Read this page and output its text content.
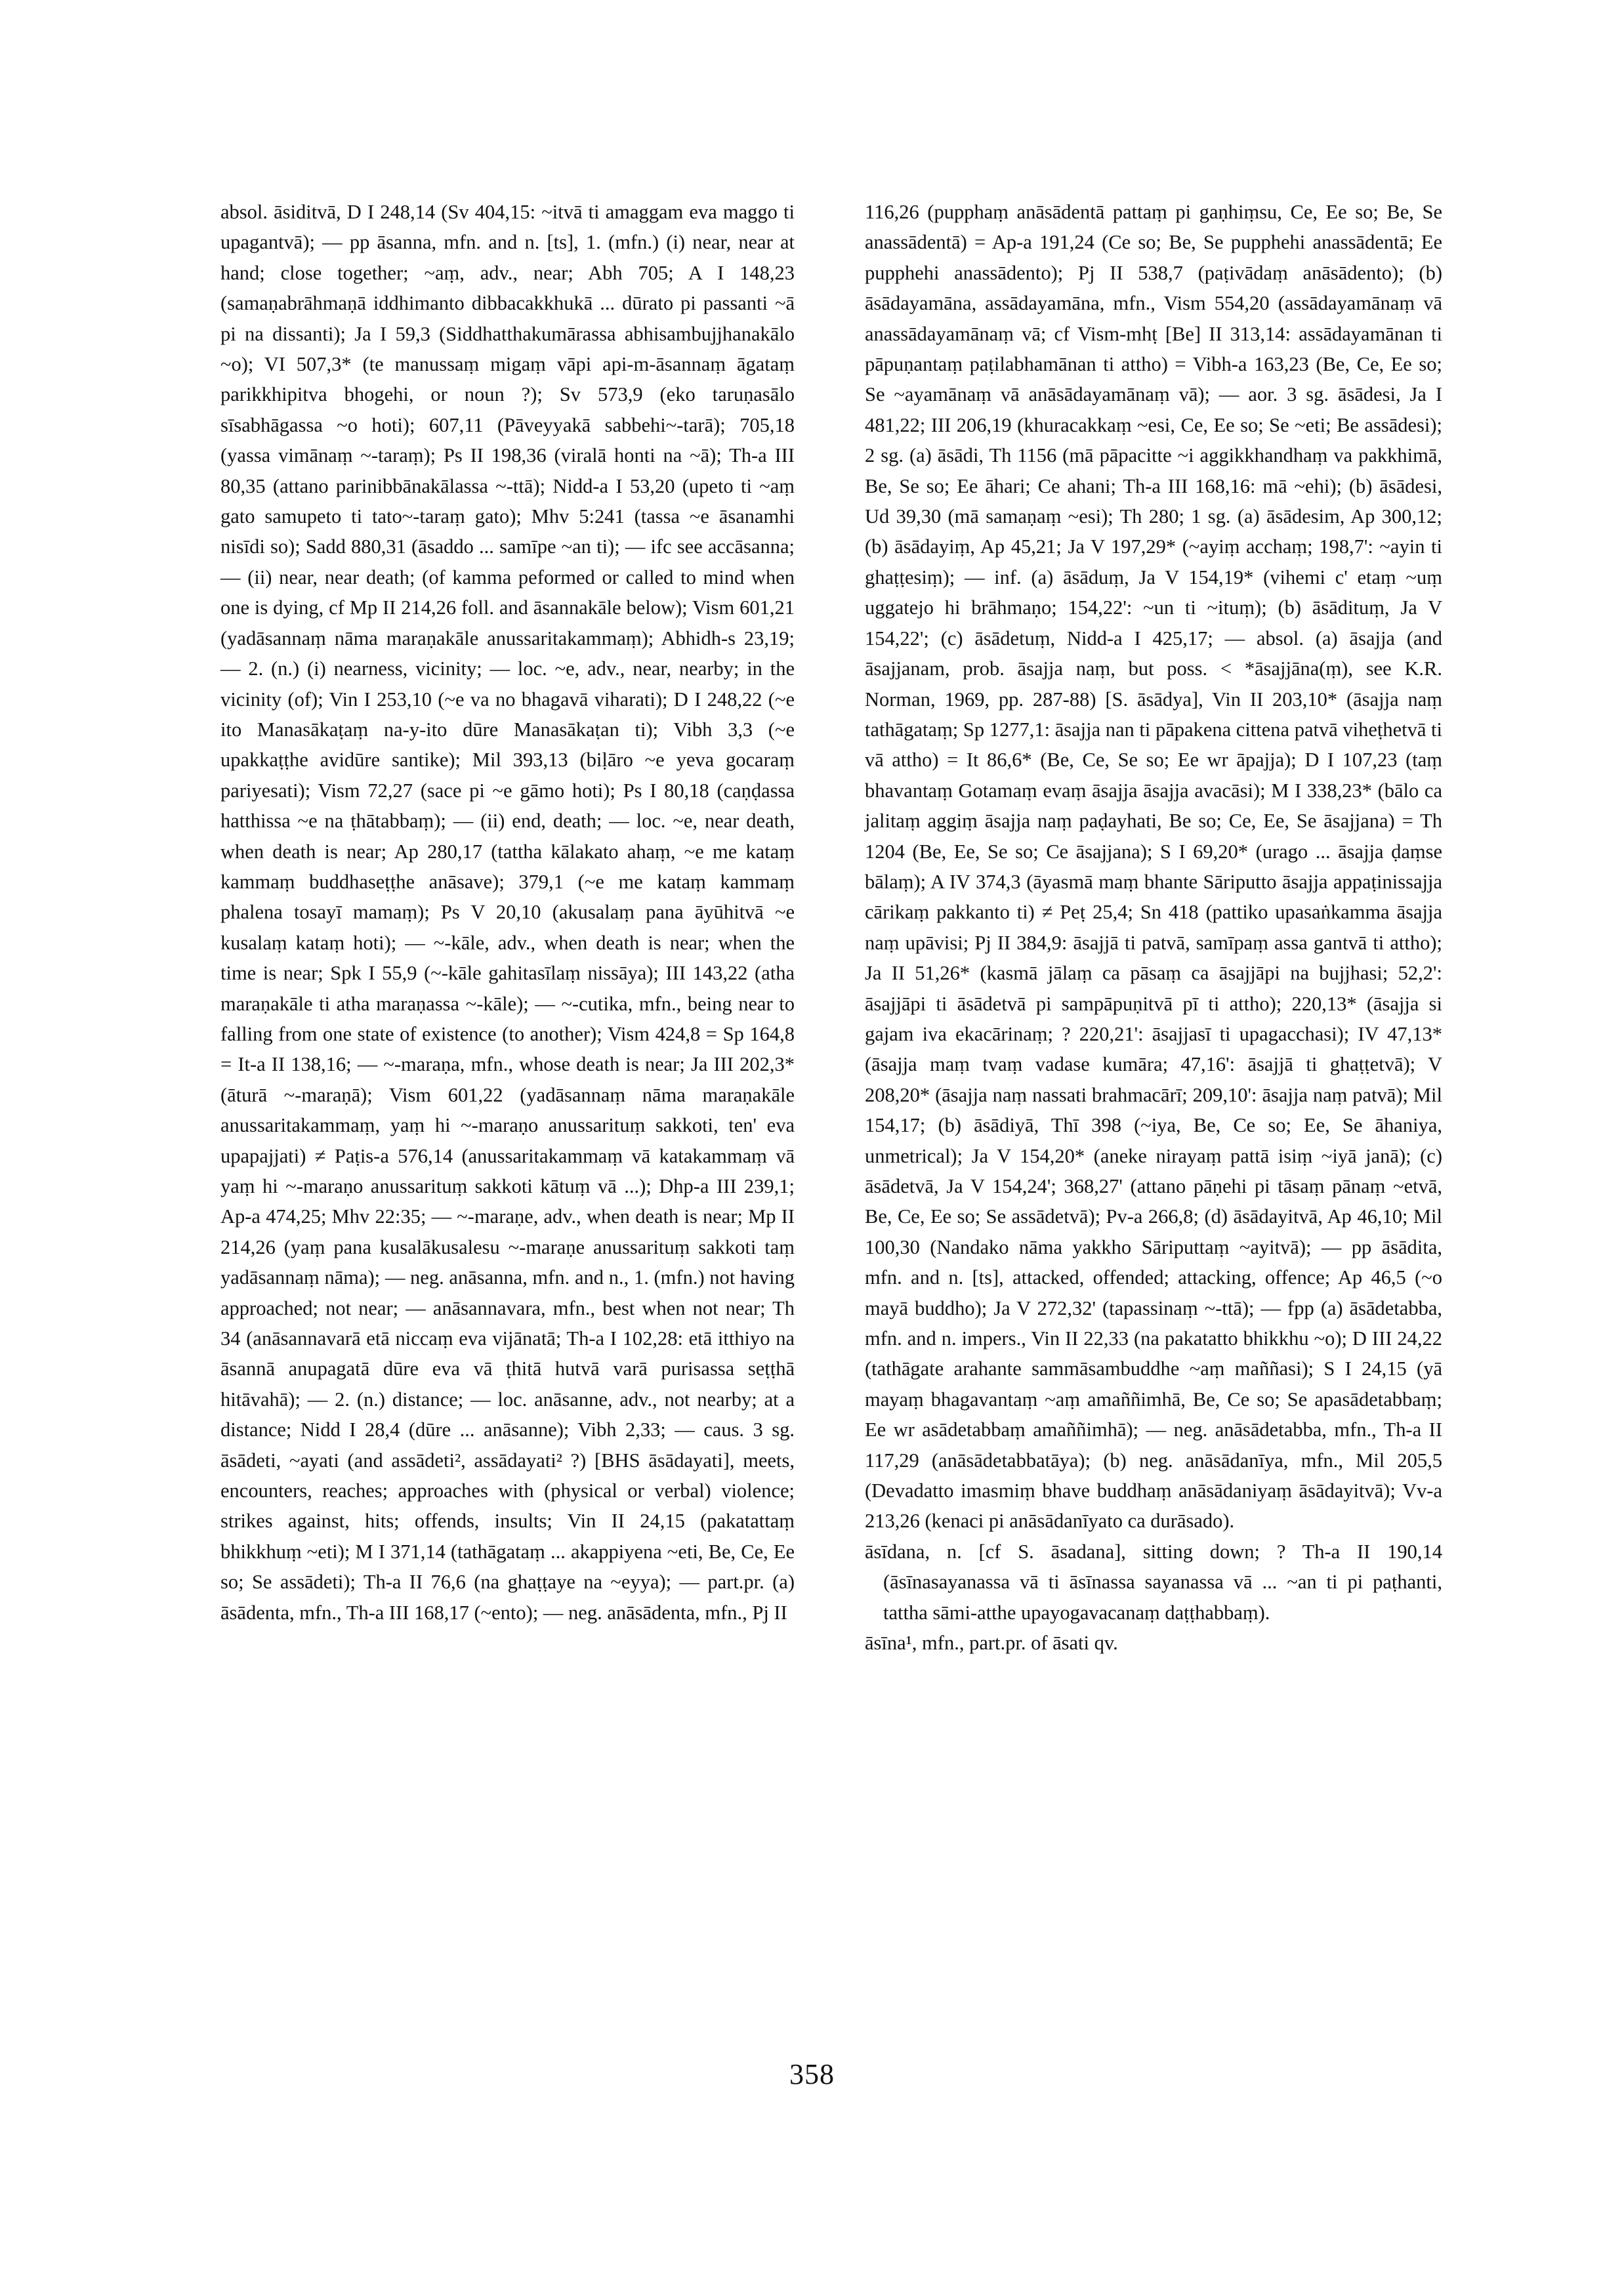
absol. āsiditvā, D I 248,14 (Sv 404,15: ~itvā ti amaggam eva maggo ti upagantvā); — pp āsanna, mfn. and n. [ts], 1. (mfn.) (i) near, near at hand; close together; ~aṃ, adv., near; Abh 705; A I 148,23 (samaṇabrāhmaṇā iddhimanto dibbacakkhukā ... dūrato pi passanti ~ā pi na dissanti); Ja I 59,3 (Siddhatthakumārassa abhisambujjhanakālo ~o); VI 507,3* (te manussaṃ migaṃ vāpi api-m-āsannaṃ āgataṃ parikkhipitva bhogehi, or noun ?); Sv 573,9 (eko taruṇasālo sīsabhāgassa ~o hoti); 607,11 (Pāveyyakā sabbehi~-tarā); 705,18 (yassa vimānaṃ ~-taraṃ); Ps II 198,36 (viralā honti na ~ā); Th-a III 80,35 (attano parinibbānakālassa ~-ttā); Nidd-a I 53,20 (upeto ti ~aṃ gato samupeto ti tato~-taraṃ gato); Mhv 5:241 (tassa ~e āsanamhi nisīdi so); Sadd 880,31 (āsaddo ... samīpe ~an ti); — ifc see accāsanna; — (ii) near, near death; (of kamma peformed or called to mind when one is dying, cf Mp II 214,26 foll. and āsannakāle below); Vism 601,21 (yadāsannaṃ nāma maraṇakāle anussaritakammaṃ); Abhidh-s 23,19; — 2. (n.) (i) nearness, vicinity; — loc. ~e, adv., near, nearby; in the vicinity (of); Vin I 253,10 (~e va no bhagavā viharati); D I 248,22 (~e ito Manasākaṭaṃ na-y-ito dūre Manasākaṭan ti); Vibh 3,3 (~e upakkaṭṭhe avidūre santike); Mil 393,13 (biḷāro ~e yeva gocaraṃ pariyesati); Vism 72,27 (sace pi ~e gāmo hoti); Ps I 80,18 (caṇḍassa hatthissa ~e na ṭhātabbaṃ); — (ii) end, death; — loc. ~e, near death, when death is near; Ap 280,17 (tattha kālakato ahaṃ, ~e me kataṃ kammaṃ buddhaseṭṭhe anāsave); 379,1 (~e me kataṃ kammaṃ phalena tosayī mamaṃ); Ps V 20,10 (akusalaṃ pana āyūhitvā ~e kusalaṃ kataṃ hoti); — ~-kāle, adv., when death is near; when the time is near; Spk I 55,9 (~-kāle gahitasīlaṃ nissāya); III 143,22 (atha maraṇakāle ti atha maraṇassa ~-kāle); — ~-cutika, mfn., being near to falling from one state of existence (to another); Vism 424,8 = Sp 164,8 = It-a II 138,16; — ~-maraṇa, mfn., whose death is near; Ja III 202,3* (āturā ~-maraṇā); Vism 601,22 (yadāsannaṃ nāma maraṇakāle anussaritakammaṃ, yaṃ hi ~-maraṇo anussarituṃ sakkoti, ten' eva upapajjati) ≠ Paṭis-a 576,14 (anussaritakammaṃ vā katakammaṃ vā yaṃ hi ~-maraṇo anussarituṃ sakkoti kātuṃ vā ...); Dhp-a III 239,1; Ap-a 474,25; Mhv 22:35; — ~-maraṇe, adv., when death is near; Mp II 214,26 (yaṃ pana kusalākusalesu ~-maraṇe anussarituṃ sakkoti taṃ yadāsannaṃ nāma); — neg. anāsanna, mfn. and n., 1. (mfn.) not having approached; not near; — anāsannavara, mfn., best when not near; Th 34 (anāsannavarā etā niccaṃ eva vijānatā; Th-a I 102,28: etā itthiyo na āsannā anupagatā dūre eva vā ṭhitā hutvā varā purisassa seṭṭhā hitāvahā); — 2. (n.) distance; — loc. anāsanne, adv., not nearby; at a distance; Nidd I 28,4 (dūre ... anāsanne); Vibh 2,33; — caus. 3 sg. āsādeti, ~ayati (and assādeti², assādayati² ?) [BHS āsādayati], meets, encounters, reaches; approaches with (physical or verbal) violence; strikes against, hits; offends, insults; Vin II 24,15 (pakatattaṃ bhikkhuṃ ~eti); M I 371,14 (tathāgataṃ ... akappiyena ~eti, Be, Ce, Ee so; Se assādeti); Th-a II 76,6 (na ghaṭṭaye na ~eyya); — part.pr. (a) āsādenta, mfn., Th-a III 168,17 (~ento); — neg. anāsādenta, mfn., Pj II

116,26 (pupphaṃ anāsādentā pattaṃ pi gaṇhiṃsu, Ce, Ee so; Be, Se anassādentā) = Ap-a 191,24 (Ce so; Be, Se pupphehi anassādentā; Ee pupphehi anassādento); Pj II 538,7 (paṭivādaṃ anāsādento); (b) āsādayamāna, assādayamāna, mfn., Vism 554,20 (assādayamānaṃ vā anassādayamānaṃ vā; cf Vism-mhṭ [Be] II 313,14: assādayamānan ti pāpuṇantaṃ paṭilabhamānan ti attho) = Vibh-a 163,23 (Be, Ce, Ee so; Se ~ayamānaṃ vā anāsādayamānaṃ vā); — aor. 3 sg. āsādesi, Ja I 481,22; III 206,19 (khuracakkaṃ ~esi, Ce, Ee so; Se ~eti; Be assādesi); 2 sg. (a) āsādi, Th 1156 (mā pāpacitte ~i aggikkhandhaṃ va pakkhimā, Be, Se so; Ee āhari; Ce ahani; Th-a III 168,16: mā ~ehi); (b) āsādesi, Ud 39,30 (mā samaṇaṃ ~esi); Th 280; 1 sg. (a) āsādesim, Ap 300,12; (b) āsādayiṃ, Ap 45,21; Ja V 197,29* (~ayiṃ acchaṃ; 198,7': ~ayin ti ghaṭṭesiṃ); — inf. (a) āsāduṃ, Ja V 154,19* (vihemi c' etaṃ ~uṃ uggatejo hi brāhmaṇo; 154,22': ~un ti ~ituṃ); (b) āsādituṃ, Ja V 154,22'; (c) āsādetuṃ, Nidd-a I 425,17; — absol. (a) āsajja (and āsajjanam, prob. āsajja naṃ, but poss. < *āsajjāna(ṃ), see K.R. Norman, 1969, pp. 287-88) [S. āsādya], Vin II 203,10* (āsajja naṃ tathāgataṃ; Sp 1277,1: āsajja nan ti pāpakena cittena patvā viheṭhetvā ti vā attho) = It 86,6* (Be, Ce, Se so; Ee wr āpajja); D I 107,23 (taṃ bhavantaṃ Gotamaṃ evaṃ āsajja āsajja avacāsi); M I 338,23* (bālo ca jalitaṃ aggiṃ āsajja naṃ paḍayhati, Be so; Ce, Ee, Se āsajjana) = Th 1204 (Be, Ee, Se so; Ce āsajjana); S I 69,20* (urago ... āsajja ḍaṃse bālaṃ); A IV 374,3 (āyasmā maṃ bhante Sāriputto āsajja appaṭinissajja cārikaṃ pakkanto ti) ≠ Peṭ 25,4; Sn 418 (pattiko upasaṅkamma āsajja naṃ upāvisi; Pj II 384,9: āsajjā ti patvā, samīpaṃ assa gantvā ti attho); Ja II 51,26* (kasmā jālaṃ ca pāsaṃ ca āsajjāpi na bujjhasi; 52,2': āsajjāpi ti āsādetvā pi sampāpuṇitvā pī ti attho); 220,13* (āsajja si gajam iva ekacārinaṃ; ? 220,21': āsajjasī ti upagacchasi); IV 47,13* (āsajja maṃ tvaṃ vadase kumāra; 47,16': āsajjā ti ghaṭṭetvā); V 208,20* (āsajja naṃ nassati brahmacārī; 209,10': āsajja naṃ patvā); Mil 154,17; (b) āsādiyā, Thī 398 (~iya, Be, Ce so; Ee, Se āhaniya, unmetrical); Ja V 154,20* (aneke nirayaṃ pattā isiṃ ~iyā janā); (c) āsādetvā, Ja V 154,24'; 368,27' (attano pāṇehi pi tāsaṃ pānaṃ ~etvā, Be, Ce, Ee so; Se assādetvā); Pv-a 266,8; (d) āsādayitvā, Ap 46,10; Mil 100,30 (Nandako nāma yakkho Sāriputtaṃ ~ayitvā); — pp āsādita, mfn. and n. [ts], attacked, offended; attacking, offence; Ap 46,5 (~o mayā buddho); Ja V 272,32' (tapassinaṃ ~-ttā); — fpp (a) āsādetabba, mfn. and n. impers., Vin II 22,33 (na pakatatto bhikkhu ~o); D III 24,22 (tathāgate arahante sammāsambuddhe ~aṃ maññasi); S I 24,15 (yā mayaṃ bhagavantaṃ ~aṃ amaññimhā, Be, Ce so; Se apasādetabbaṃ; Ee wr asādetabbaṃ amaññimhā); — neg. anāsādetabba, mfn., Th-a II 117,29 (anāsādetabbatāya); (b) neg. anāsādanīya, mfn., Mil 205,5 (Devadatto imasmiṃ bhave buddhaṃ anāsādaniyaṃ āsādayitvā); Vv-a 213,26 (kenaci pi anāsādanīyato ca durāsado).

āsīdana, n. [cf S. āsadana], sitting down; ? Th-a II 190,14 (āsīnasayanassa vā ti āsīnassa sayanassa vā ... ~an ti pi paṭhanti, tattha sāmi-atthe upayogavacanaṃ daṭṭhabbaṃ).

āsīna¹, mfn., part.pr. of āsati qv.

358
